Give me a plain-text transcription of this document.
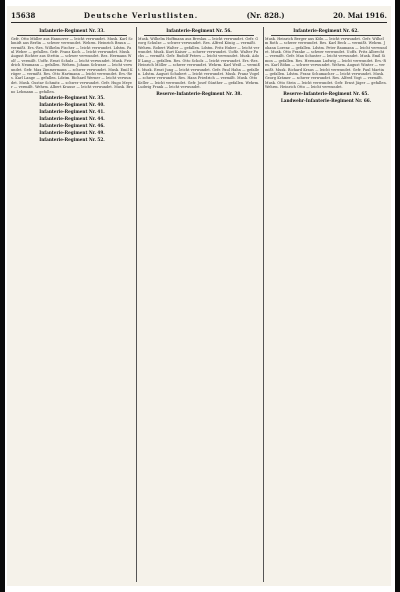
15638	Deutsche Verlustlisten.	(Nr. 828.)	20. Mai 1916.
Infanterie-Regiment Nr. 33.
Gefr. Otto Müller aus Hannover — leicht verwundet. Musk. Karl Schmidt aus Berlin — schwer verwundet. Wehrm. Heinrich Braun — vermißt. Ers.-Res. Wilhelm Fischer — leicht verwundet. Ldstm. Paul Weber — gefallen. Gefr. Franz Koch — leicht verwundet. Musk. August Richter aus Stettin — schwer verwundet. Res. Hermann Wolf — vermißt. Uoffz. Ernst Schulz — leicht verwundet. Musk. Friedrich Neumann — gefallen. Wehrm. Johann Schwarz — leicht verwundet. Gefr. Max Zimmermann — schwer verwundet. Musk. Emil Krüger — vermißt. Res. Otto Hartmann — leicht verwundet. Ers.-Res. Karl Lange — gefallen. Ldstm. Richard Werner — leicht verwundet. Musk. Gustav Schmitz — schwer verwundet. Gefr. Hugo Meyer — vermißt. Wehrm. Albert Krause — leicht verwundet. Musk. Bruno Lehmann — gefallen.
Infanterie-Regiment Nr. 35.
Infanterie-Regiment Nr. 40.
Infanterie-Regiment Nr. 41.
Infanterie-Regiment Nr. 44.
Infanterie-Regiment Nr. 46.
Infanterie-Regiment Nr. 49.
Infanterie-Regiment Nr. 52.
Infanterie-Regiment Nr. 56.
Musk. Wilhelm Hoffmann aus Breslau — leicht verwundet. Gefr. Georg Schulze — schwer verwundet. Res. Alfred König — vermißt. Wehrm. Robert Walter — gefallen. Ldstm. Fritz Huber — leicht verwundet. Musk. Kurt Kaiser — schwer verwundet. Uoffz. Walter Fuchs — vermißt. Gefr. Rudolf Peters — leicht verwundet. Musk. Adolf Lang — gefallen. Res. Otto Scholz — leicht verwundet. Ers.-Res. Heinrich Möller — schwer verwundet. Wehrm. Karl Weiß — vermißt. Musk. Ernst Jung — leicht verwundet. Gefr. Paul Hahn — gefallen. Ldstm. August Schubert — leicht verwundet. Musk. Franz Vogel — schwer verwundet. Res. Hans Friedrich — vermißt. Musk. Otto Keller — leicht verwundet. Gefr. Josef Günther — gefallen. Wehrm. Ludwig Frank — leicht verwundet.
Reserve-Infanterie-Regiment Nr. 38.
Infanterie-Regiment Nr. 62.
Musk. Heinrich Berger aus Köln — leicht verwundet. Gefr. Wilhelm Roth — schwer verwundet. Res. Karl Beck — vermißt. Wehrm. Johann Lorenz — gefallen. Ldstm. Peter Baumann — leicht verwundet. Musk. Otto Franke — schwer verwundet. Uoffz. Fritz Albrecht — vermißt. Gefr. Max Schuster — leicht verwundet. Musk. Emil Simon — gefallen. Res. Hermann Ludwig — leicht verwundet. Ers.-Res. Karl Böhm — schwer verwundet. Wehrm. August Winter — vermißt. Musk. Richard Kraus — leicht verwundet. Gefr. Paul Martin — gefallen. Ldstm. Franz Schumacher — leicht verwundet. Musk. Georg Krämer — schwer verwundet. Res. Alfred Vogt — vermißt. Musk. Otto Stein — leicht verwundet. Gefr. Ernst Jäger — gefallen. Wehrm. Heinrich Otto — leicht verwundet.
Reserve-Infanterie-Regiment Nr. 65.
Landwehr-Infanterie-Regiment Nr. 66.
